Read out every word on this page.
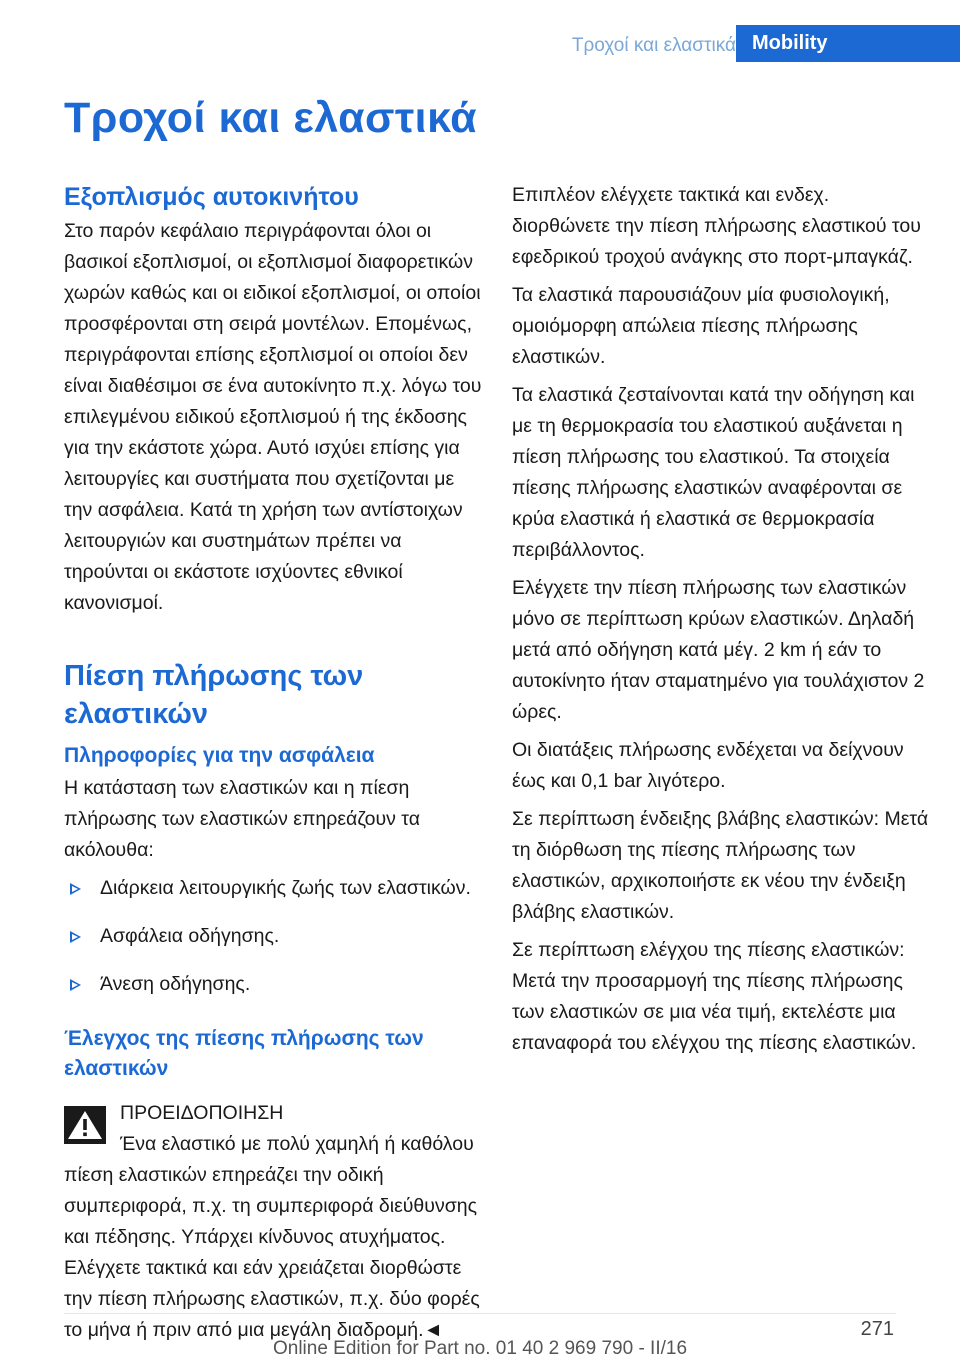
Τροχοί και ελαστικά Mobility
Τροχοί και ελαστικά
Εξοπλισμός αυτοκινήτου

Στο παρόν κεφάλαιο περιγράφονται όλοι οι βασικοί εξοπλισμοί, οι εξοπλισμοί διαφορετικών χωρών καθώς και οι ειδικοί εξοπλισμοί, οι οποίοι προσφέρονται στη σειρά μοντέλων. Επομένως, περιγράφονται επίσης εξοπλισμοί οι οποίοι δεν είναι διαθέσιμοι σε ένα αυτοκίνητο π.χ. λόγω του επιλεγμένου ειδικού εξοπλισμού ή της έκδοσης για την εκάστοτε χώρα. Αυτό ισχύει επίσης για λειτουργίες και συστήματα που σχετίζονται με την ασφάλεια. Κατά τη χρήση των αντίστοιχων λειτουργιών και συστημάτων πρέπει να τηρούνται οι εκάστοτε ισχύοντες εθνικοί κανονισμοί.

Πίεση πλήρωσης των ελαστικών
Πληροφορίες για την ασφάλεια

Η κατάσταση των ελαστικών και η πίεση πλήρωσης των ελαστικών επηρεάζουν τα ακόλουθα:

Διάρκεια λειτουργικής ζωής των ελαστικών.
Ασφάλεια οδήγησης.
Άνεση οδήγησης.
Έλεγχος της πίεσης πλήρωσης των ελαστικών
ΠΡΟΕΙΔΟΠΟΙΗΣΗ
Ένα ελαστικό με πολύ χαμηλή ή καθόλου πίεση ελαστικών επηρεάζει την οδική συμπεριφορά, π.χ. τη συμπεριφορά διεύθυνσης και πέδησης. Υπάρχει κίνδυνος ατυχήματος. Ελέγχετε τακτικά και εάν χρειάζεται διορθώστε την πίεση πλήρωσης ελαστικών, π.χ. δύο φορές το μήνα ή πριν από μια μεγάλη διαδρομή.◄

Επιπλέον ελέγχετε τακτικά και ενδεχ. διορθώνετε την πίεση πλήρωσης ελαστικού του εφεδρικού τροχού ανάγκης στο πορτ-μπαγκάζ.

Τα ελαστικά παρουσιάζουν μία φυσιολογική, ομοιόμορφη απώλεια πίεσης πλήρωσης ελαστικών.

Τα ελαστικά ζεσταίνονται κατά την οδήγηση και με τη θερμοκρασία του ελαστικού αυξάνεται η πίεση πλήρωσης του ελαστικού. Τα στοιχεία πίεσης πλήρωσης ελαστικών αναφέρονται σε κρύα ελαστικά ή ελαστικά σε θερμοκρασία περιβάλλοντος.

Ελέγχετε την πίεση πλήρωσης των ελαστικών μόνο σε περίπτωση κρύων ελαστικών. Δηλαδή μετά από οδήγηση κατά μέγ. 2 km ή εάν το αυτοκίνητο ήταν σταματημένο για τουλάχιστον 2 ώρες.

Οι διατάξεις πλήρωσης ενδέχεται να δείχνουν έως και 0,1 bar λιγότερο.

Σε περίπτωση ένδειξης βλάβης ελαστικών: Μετά τη διόρθωση της πίεσης πλήρωσης των ελαστικών, αρχικοποιήστε εκ νέου την ένδειξη βλάβης ελαστικών.

Σε περίπτωση ελέγχου της πίεσης ελαστικών: Μετά την προσαρμογή της πίεσης πλήρωσης των ελαστικών σε μια νέα τιμή, εκτελέστε μια επαναφορά του ελέγχου της πίεσης ελαστικών.

271
Online Edition for Part no. 01 40 2 969 790 - II/16
